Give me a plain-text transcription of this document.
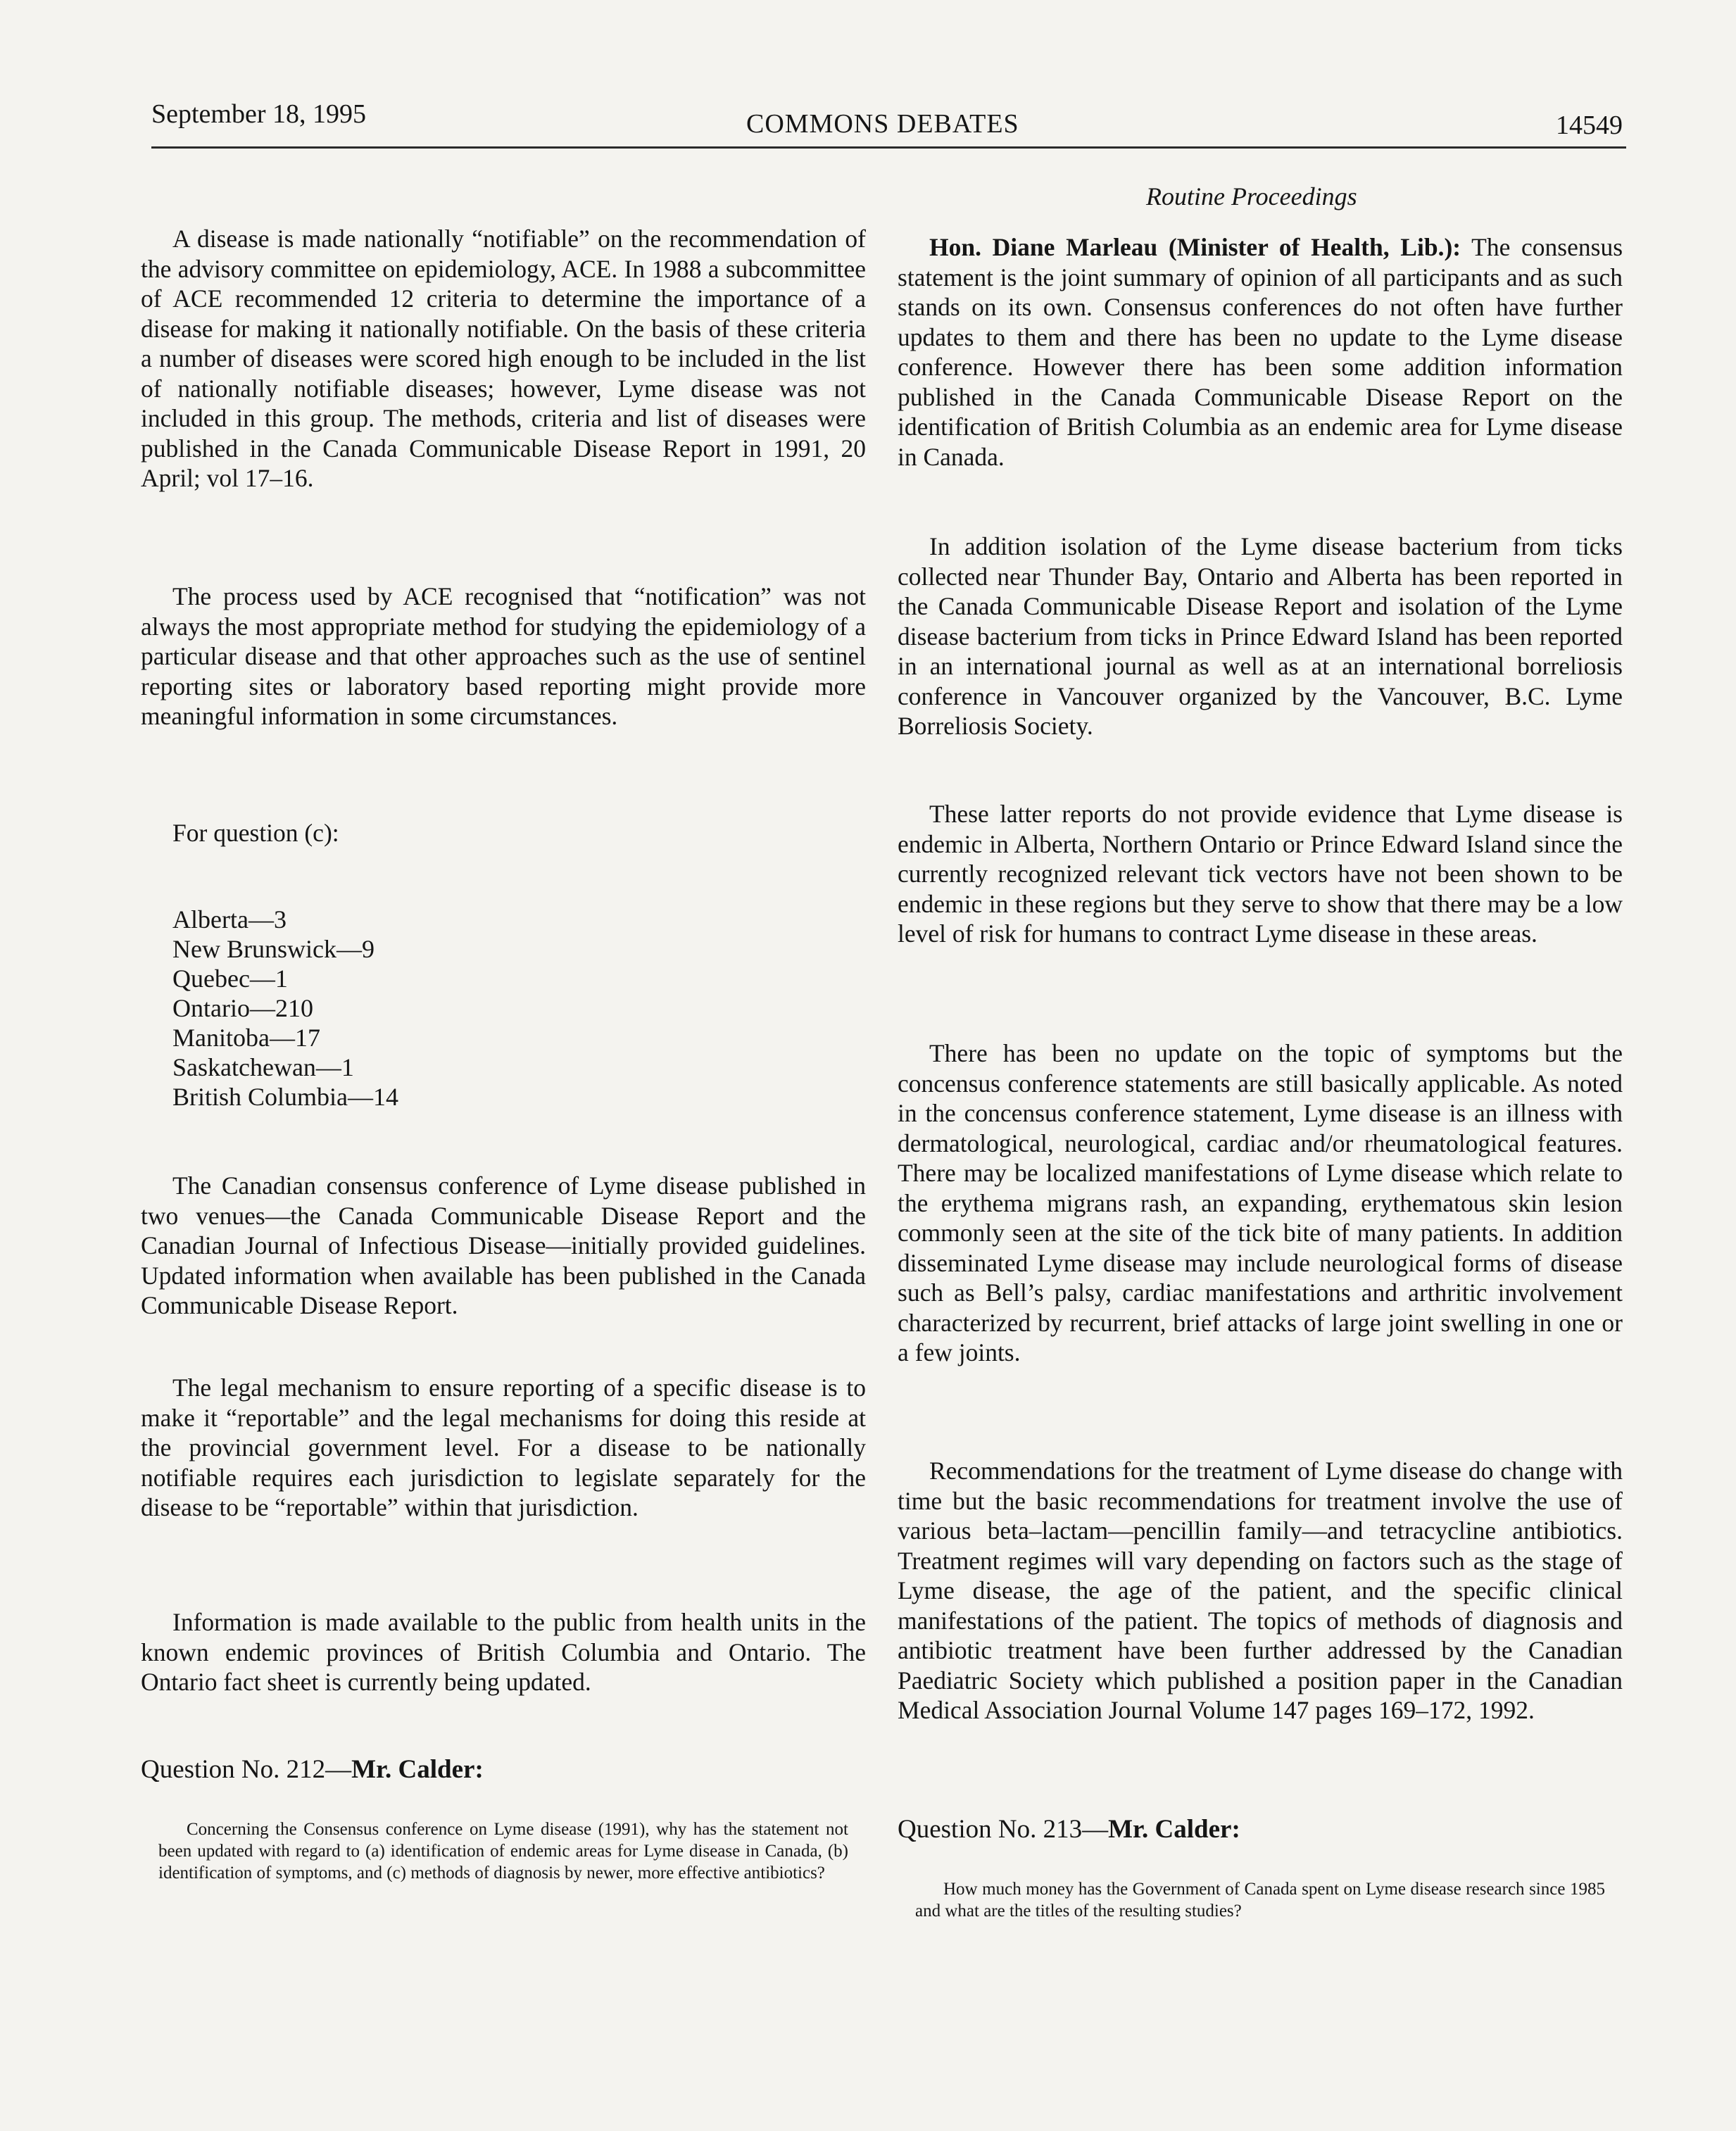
September 18, 1995	COMMONS DEBATES	14549
Routine Proceedings
A disease is made nationally “notifiable” on the recommendation of the advisory committee on epidemiology, ACE. In 1988 a subcommittee of ACE recommended 12 criteria to determine the importance of a disease for making it nationally notifiable. On the basis of these criteria a number of diseases were scored high enough to be included in the list of nationally notifiable diseases; however, Lyme disease was not included in this group. The methods, criteria and list of diseases were published in the Canada Communicable Disease Report in 1991, 20 April; vol 17–16.
The process used by ACE recognised that “notification” was not always the most appropriate method for studying the epidemiology of a particular disease and that other approaches such as the use of sentinel reporting sites or laboratory based reporting might provide more meaningful information in some circumstances.
For question (c):
Alberta—3
New Brunswick—9
Quebec—1
Ontario—210
Manitoba—17
Saskatchewan—1
British Columbia—14
The Canadian consensus conference of Lyme disease published in two venues—the Canada Communicable Disease Report and the Canadian Journal of Infectious Disease—initially provided guidelines. Updated information when available has been published in the Canada Communicable Disease Report.
The legal mechanism to ensure reporting of a specific disease is to make it “reportable” and the legal mechanisms for doing this reside at the provincial government level. For a disease to be nationally notifiable requires each jurisdiction to legislate separately for the disease to be “reportable” within that jurisdiction.
Information is made available to the public from health units in the known endemic provinces of British Columbia and Ontario. The Ontario fact sheet is currently being updated.
Question No. 212—Mr. Calder:
Concerning the Consensus conference on Lyme disease (1991), why has the statement not been updated with regard to (a) identification of endemic areas for Lyme disease in Canada, (b) identification of symptoms, and (c) methods of diagnosis by newer, more effective antibiotics?
Hon. Diane Marleau (Minister of Health, Lib.): The consensus statement is the joint summary of opinion of all participants and as such stands on its own. Consensus conferences do not often have further updates to them and there has been no update to the Lyme disease conference. However there has been some addition information published in the Canada Communicable Disease Report on the identification of British Columbia as an endemic area for Lyme disease in Canada.
In addition isolation of the Lyme disease bacterium from ticks collected near Thunder Bay, Ontario and Alberta has been reported in the Canada Communicable Disease Report and isolation of the Lyme disease bacterium from ticks in Prince Edward Island has been reported in an international journal as well as at an international borreliosis conference in Vancouver organized by the Vancouver, B.C. Lyme Borreliosis Society.
These latter reports do not provide evidence that Lyme disease is endemic in Alberta, Northern Ontario or Prince Edward Island since the currently recognized relevant tick vectors have not been shown to be endemic in these regions but they serve to show that there may be a low level of risk for humans to contract Lyme disease in these areas.
There has been no update on the topic of symptoms but the concensus conference statements are still basically applicable. As noted in the concensus conference statement, Lyme disease is an illness with dermatological, neurological, cardiac and/or rheumatological features. There may be localized manifestations of Lyme disease which relate to the erythema migrans rash, an expanding, erythematous skin lesion commonly seen at the site of the tick bite of many patients. In addition disseminated Lyme disease may include neurological forms of disease such as Bell’s palsy, cardiac manifestations and arthritic involvement characterized by recurrent, brief attacks of large joint swelling in one or a few joints.
Recommendations for the treatment of Lyme disease do change with time but the basic recommendations for treatment involve the use of various beta–lactam—pencillin family—and tetracycline antibiotics. Treatment regimes will vary depending on factors such as the stage of Lyme disease, the age of the patient, and the specific clinical manifestations of the patient. The topics of methods of diagnosis and antibiotic treatment have been further addressed by the Canadian Paediatric Society which published a position paper in the Canadian Medical Association Journal Volume 147 pages 169–172, 1992.
Question No. 213—Mr. Calder:
How much money has the Government of Canada spent on Lyme disease research since 1985 and what are the titles of the resulting studies?
